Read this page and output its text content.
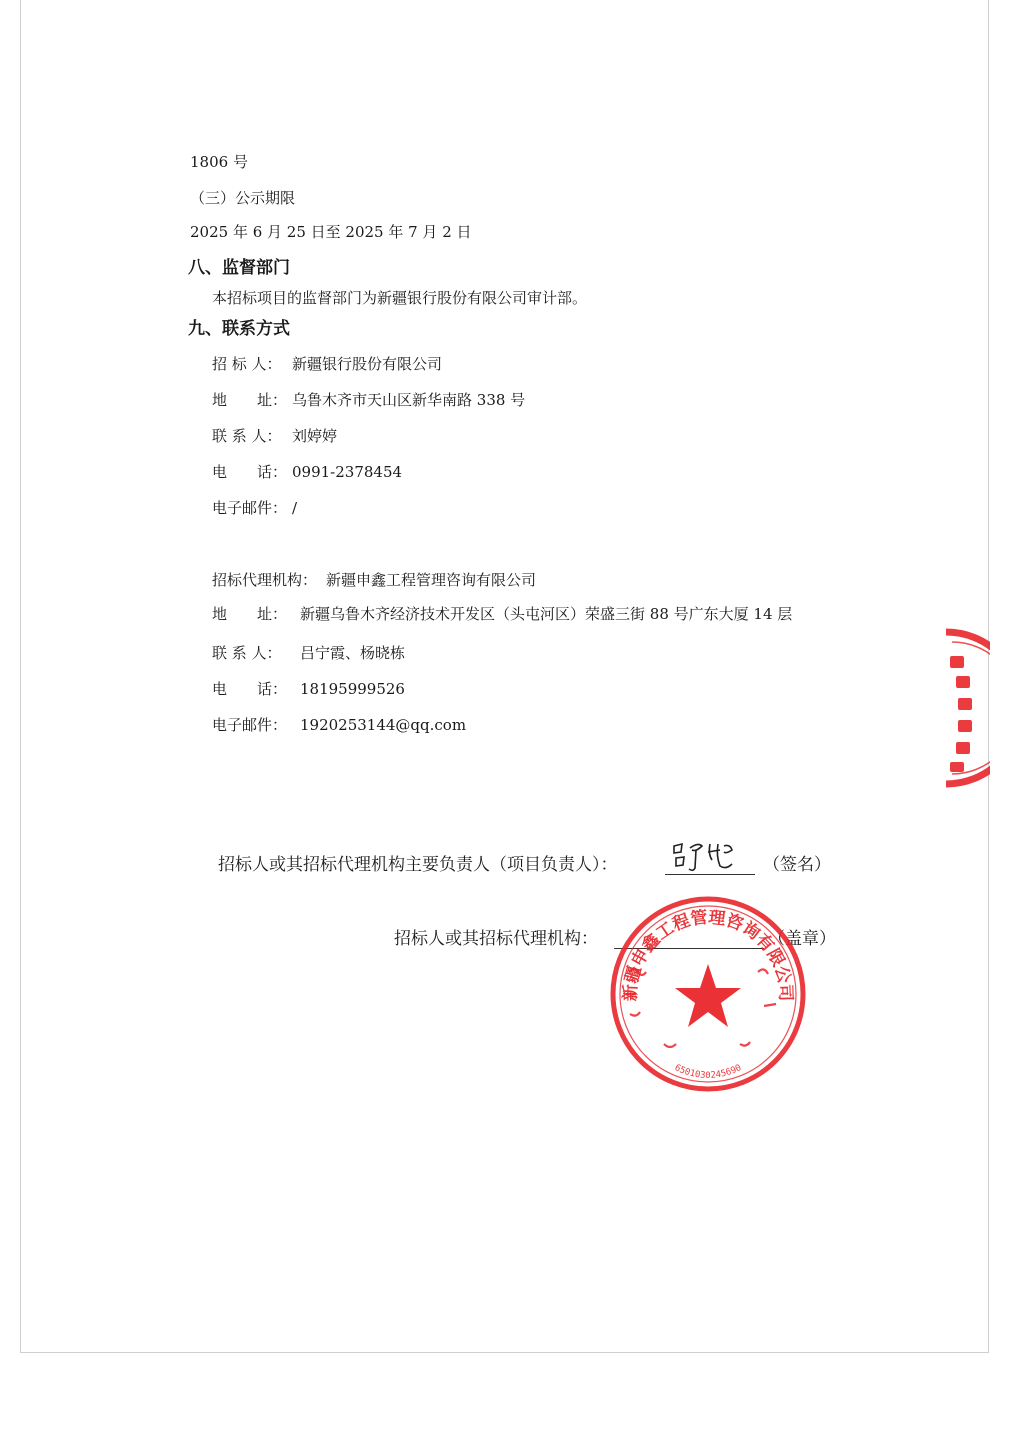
1806 号
（三）公示期限
2025 年 6 月 25 日至 2025 年 7 月 2 日
八、监督部门
本招标项目的监督部门为新疆银行股份有限公司审计部。
九、联系方式
招 标 人： 新疆银行股份有限公司
地　　址： 乌鲁木齐市天山区新华南路 338 号
联 系 人： 刘婷婷
电　　话： 0991-2378454
电子邮件： /
招标代理机构： 新疆申鑫工程管理咨询有限公司
地　　址： 新疆乌鲁木齐经济技术开发区（头屯河区）荣盛三街 88 号广东大厦 14 层
联 系 人： 吕宁霞、杨晓栋
电　　话： 18195999526
电子邮件： 1920253144@qq.com
招标人或其招标代理机构主要负责人（项目负责人）：	（签名）
招标人或其招标代理机构：	（盖章）
新疆申鑫工程管理咨询有限公司
6501030245690
